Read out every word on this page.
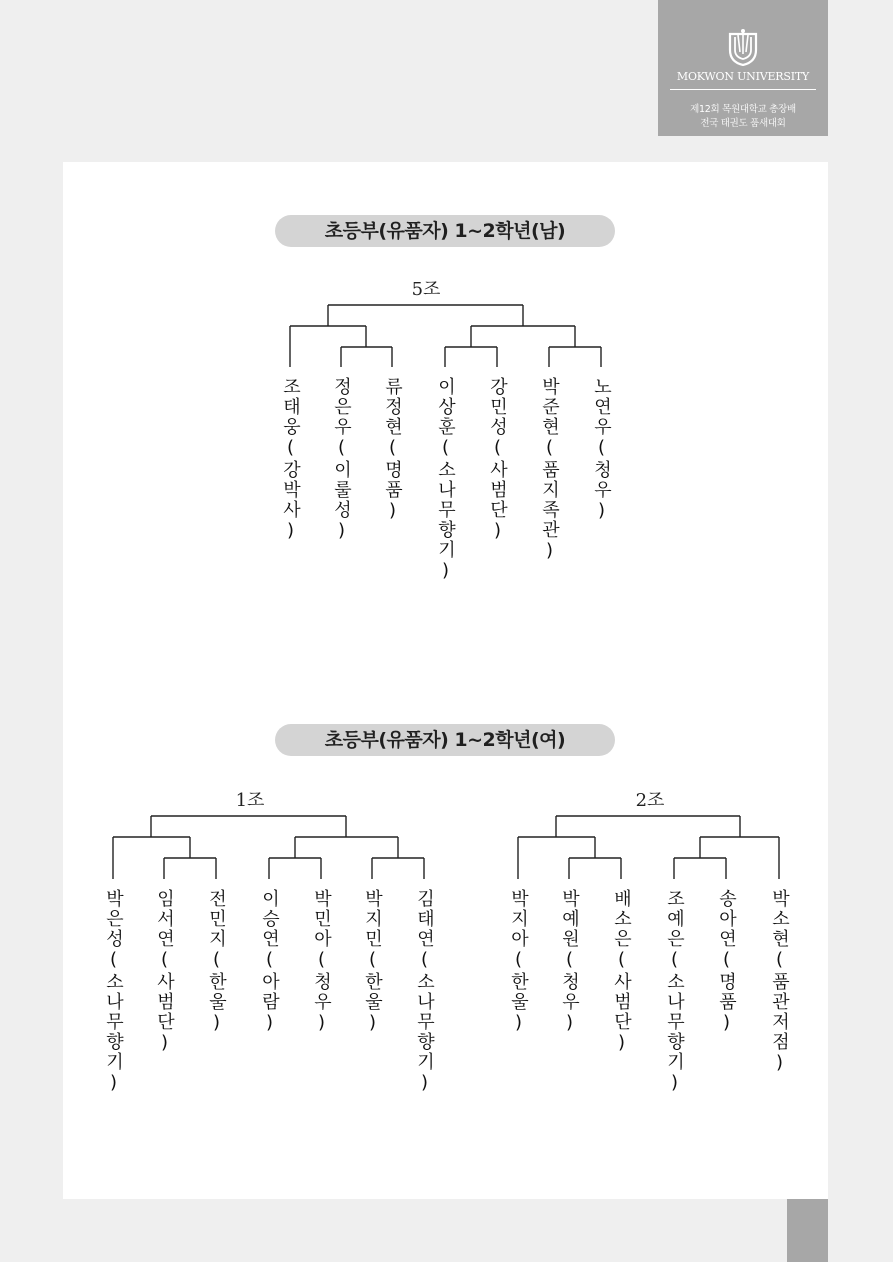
MOKWON UNIVERSITY
제12회 목원대학교 총장배
전국 태권도 품새대회
초등부(유품자) 1~2학년(남)
5조
초등부(유품자) 1~2학년(여)
1조	2조
조태웅(강박사) 정은우(이룰성) 류정현(명품) 이상훈(소나무향기) 강민성(사범단) 박준현(품지족관) 노연우(청우)
박은성(소나무향기) 임서연(사범단) 전민지(한울) 이승연(아람) 박민아(청우) 박지민(한울) 김태연(소나무향기)	박지아(한울) 박예원(청우) 배소은(사범단) 조예은(소나무향기) 송아연(명품) 박소현(품관저점)
